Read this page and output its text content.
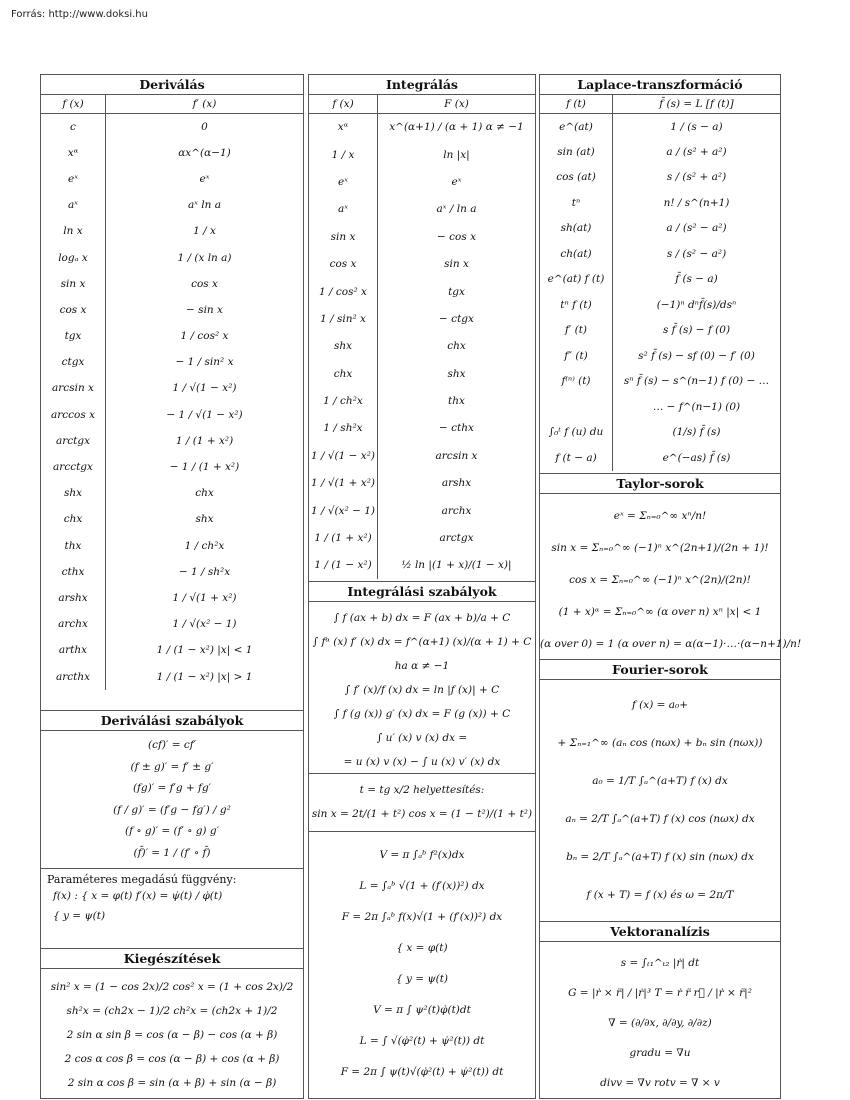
Forrás: http://www.doksi.hu
Deriválás
f (x)	f′ (x)
c	0
xᵅ	αx^(α−1)
eˣ	eˣ
aˣ	aˣ ln a
ln x	1 / x
logₐ x	1 / (x ln a)
sin x	cos x
cos x	− sin x
tgx	1 / cos² x
ctgx	− 1 / sin² x
arcsin x	1 / √(1 − x²)
arccos x	− 1 / √(1 − x²)
arctgx	1 / (1 + x²)
arcctgx	− 1 / (1 + x²)
shx	chx
chx	shx
thx	1 / ch²x
cthx	− 1 / sh²x
arshx	1 / √(1 + x²)
archx	1 / √(x² − 1)
arthx	1 / (1 − x²) |x| < 1
arcthx	1 / (1 − x²) |x| > 1
Deriválási szabályok
(cf)′ = cf′
(f ± g)′ = f′ ± g′
(fg)′ = f′g + fg′
(f / g)′ = (f′g − fg′) / g²
(f ∘ g)′ = (f′ ∘ g) g′
(f̄)′ = 1 / (f′ ∘ f̄)
Paraméteres megadású függvény:
f(x) : { x = φ(t) f′(x) = ψ̇(t) / φ̇(t)
{ y = ψ(t)
Kiegészítések
sin² x = (1 − cos 2x)/2 cos² x = (1 + cos 2x)/2
sh²x = (ch2x − 1)/2 ch²x = (ch2x + 1)/2
2 sin α sin β = cos (α − β) − cos (α + β)
2 cos α cos β = cos (α − β) + cos (α + β)
2 sin α cos β = sin (α + β) + sin (α − β)
Integrálás
f (x)	F (x)
xᵅ	x^(α+1) / (α + 1) α ≠ −1
1 / x	ln |x|
eˣ	eˣ
aˣ	aˣ / ln a
sin x	− cos x
cos x	sin x
1 / cos² x	tgx
1 / sin² x	− ctgx
shx	chx
chx	shx
1 / ch²x	thx
1 / sh²x	− cthx
1 / √(1 − x²)	arcsin x
1 / √(1 + x²)	arshx
1 / √(x² − 1)	archx
1 / (1 + x²)	arctgx
1 / (1 − x²)	½ ln |(1 + x)/(1 − x)|
Integrálási szabályok
∫ f (ax + b) dx = F (ax + b)/a + C
∫ fᵅ (x) f′ (x) dx = f^(α+1) (x)/(α + 1) + C
ha α ≠ −1
∫ f′ (x)/f (x) dx = ln |f (x)| + C
∫ f (g (x)) g′ (x) dx = F (g (x)) + C
∫ u′ (x) v (x) dx =
= u (x) v (x) − ∫ u (x) v′ (x) dx
t = tg x/2 helyettesítés:
sin x = 2t/(1 + t²) cos x = (1 − t²)/(1 + t²)
V = π ∫ₐᵇ f²(x)dx
L = ∫ₐᵇ √(1 + (f′(x))²) dx
F = 2π ∫ₐᵇ f(x)√(1 + (f′(x))²) dx
{ x = φ(t)
{ y = ψ(t)
V = π ∫ ψ²(t)φ̇(t)dt
L = ∫ √(φ̇²(t) + ψ̇²(t)) dt
F = 2π ∫ ψ(t)√(φ̇²(t) + ψ̇²(t)) dt
Laplace-transzformáció
f (t)	f̄ (s) = L [f (t)]
e^(at)	1 / (s − a)
sin (at)	a / (s² + a²)
cos (at)	s / (s² + a²)
tⁿ	n! / s^(n+1)
sh(at)	a / (s² − a²)
ch(at)	s / (s² − a²)
e^(at) f (t)	f̄ (s − a)
tⁿ f (t)	(−1)ⁿ dⁿf̄(s)/dsⁿ
f′ (t)	s f̄ (s) − f (0)
f″ (t)	s² f̄ (s) − sf (0) − f′ (0)
f⁽ⁿ⁾ (t)	sⁿ f̄ (s) − s^(n−1) f (0) − …
	… − f^(n−1) (0)
∫₀ᵗ f (u) du	(1/s) f̄ (s)
f (t − a)	e^(−as) f̄ (s)
Taylor-sorok
eˣ = Σₙ₌₀^∞ xⁿ/n!
sin x = Σₙ₌₀^∞ (−1)ⁿ x^(2n+1)/(2n + 1)!
cos x = Σₙ₌₀^∞ (−1)ⁿ x^(2n)/(2n)!
(1 + x)ᵅ = Σₙ₌₀^∞ (α over n) xⁿ |x| < 1
(α over 0) = 1 (α over n) = α(α−1)·…·(α−n+1)/n!
Fourier-sorok
f (x) = a₀+
+ Σₙ₌₁^∞ (aₙ cos (nωx) + bₙ sin (nωx))
a₀ = 1/T ∫ₐ^(a+T) f (x) dx
aₙ = 2/T ∫ₐ^(a+T) f (x) cos (nωx) dx
bₙ = 2/T ∫ₐ^(a+T) f (x) sin (nωx) dx
f (x + T) = f (x) és ω = 2π/T
Vektoranalízis
s = ∫ₜ₁^ₜ₂ |ṙ| dt
G = |ṙ × r̈| / |ṙ|³ T = ṙ r̈ r⃛ / |ṙ × r̈|²
∇ = (∂/∂x, ∂/∂y, ∂/∂z)
gradu = ∇u
divv = ∇v rotv = ∇ × v
